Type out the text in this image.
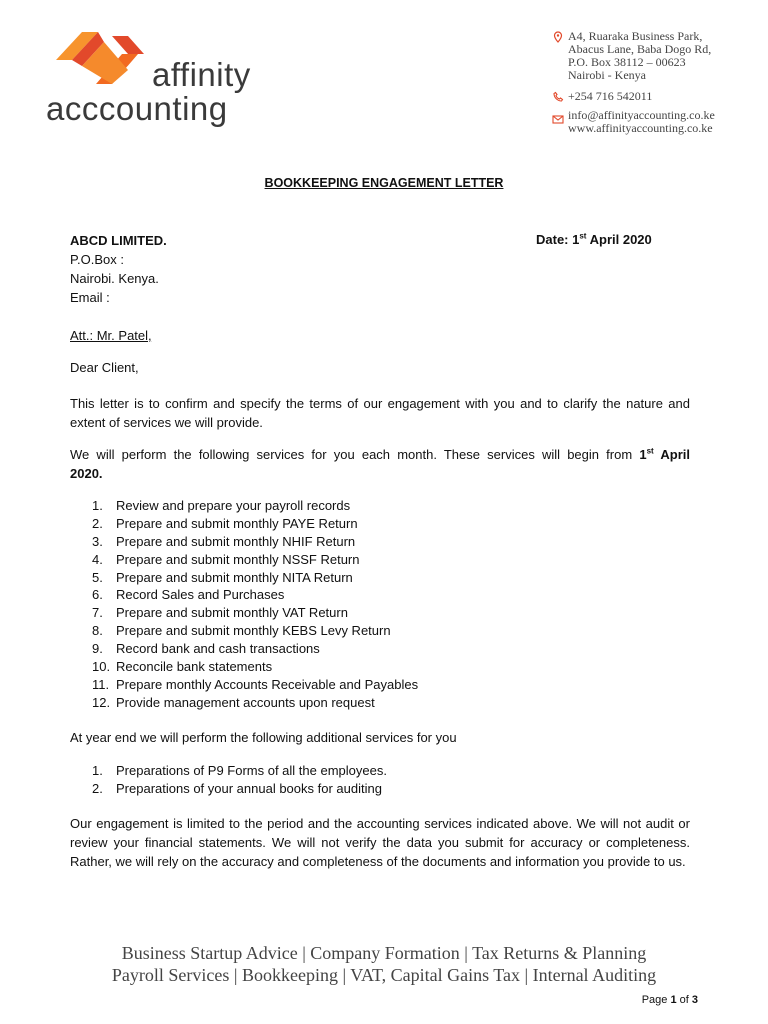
affinity
acccounting
A4, Ruaraka Business Park,
Abacus Lane, Baba Dogo Rd,
P.O. Box 38112 – 00623
Nairobi - Kenya
+254 716 542011
info@affinityaccounting.co.ke
www.affinityaccounting.co.ke
BOOKKEEPING ENGAGEMENT LETTER
ABCD LIMITED.
P.O.Box :
Nairobi. Kenya.
Email :
Date: 1st April 2020
Att.: Mr. Patel,
Dear Client,
This letter is to confirm and specify the terms of our engagement with you and to clarify the nature and extent of services we will provide.
We will perform the following services for you each month. These services will begin from 1st April
2020.
1. Review and prepare your payroll records
2. Prepare and submit monthly PAYE Return
3. Prepare and submit monthly NHIF Return
4. Prepare and submit monthly NSSF Return
5. Prepare and submit monthly NITA Return
6. Record Sales and Purchases
7. Prepare and submit monthly VAT Return
8. Prepare and submit monthly KEBS Levy Return
9. Record bank and cash transactions
10. Reconcile bank statements
11. Prepare monthly Accounts Receivable and Payables
12. Provide management accounts upon request
At year end we will perform the following additional services for you
1. Preparations of P9 Forms of all the employees.
2. Preparations of your annual books for auditing
Our engagement is limited to the period and the accounting services indicated above. We will not audit or review your financial statements. We will not verify the data you submit for accuracy or completeness. Rather, we will rely on the accuracy and completeness of the documents and information you provide to us.
Business Startup Advice | Company Formation | Tax Returns & Planning
Payroll Services | Bookkeeping | VAT, Capital Gains Tax | Internal Auditing
Page 1 of 3
